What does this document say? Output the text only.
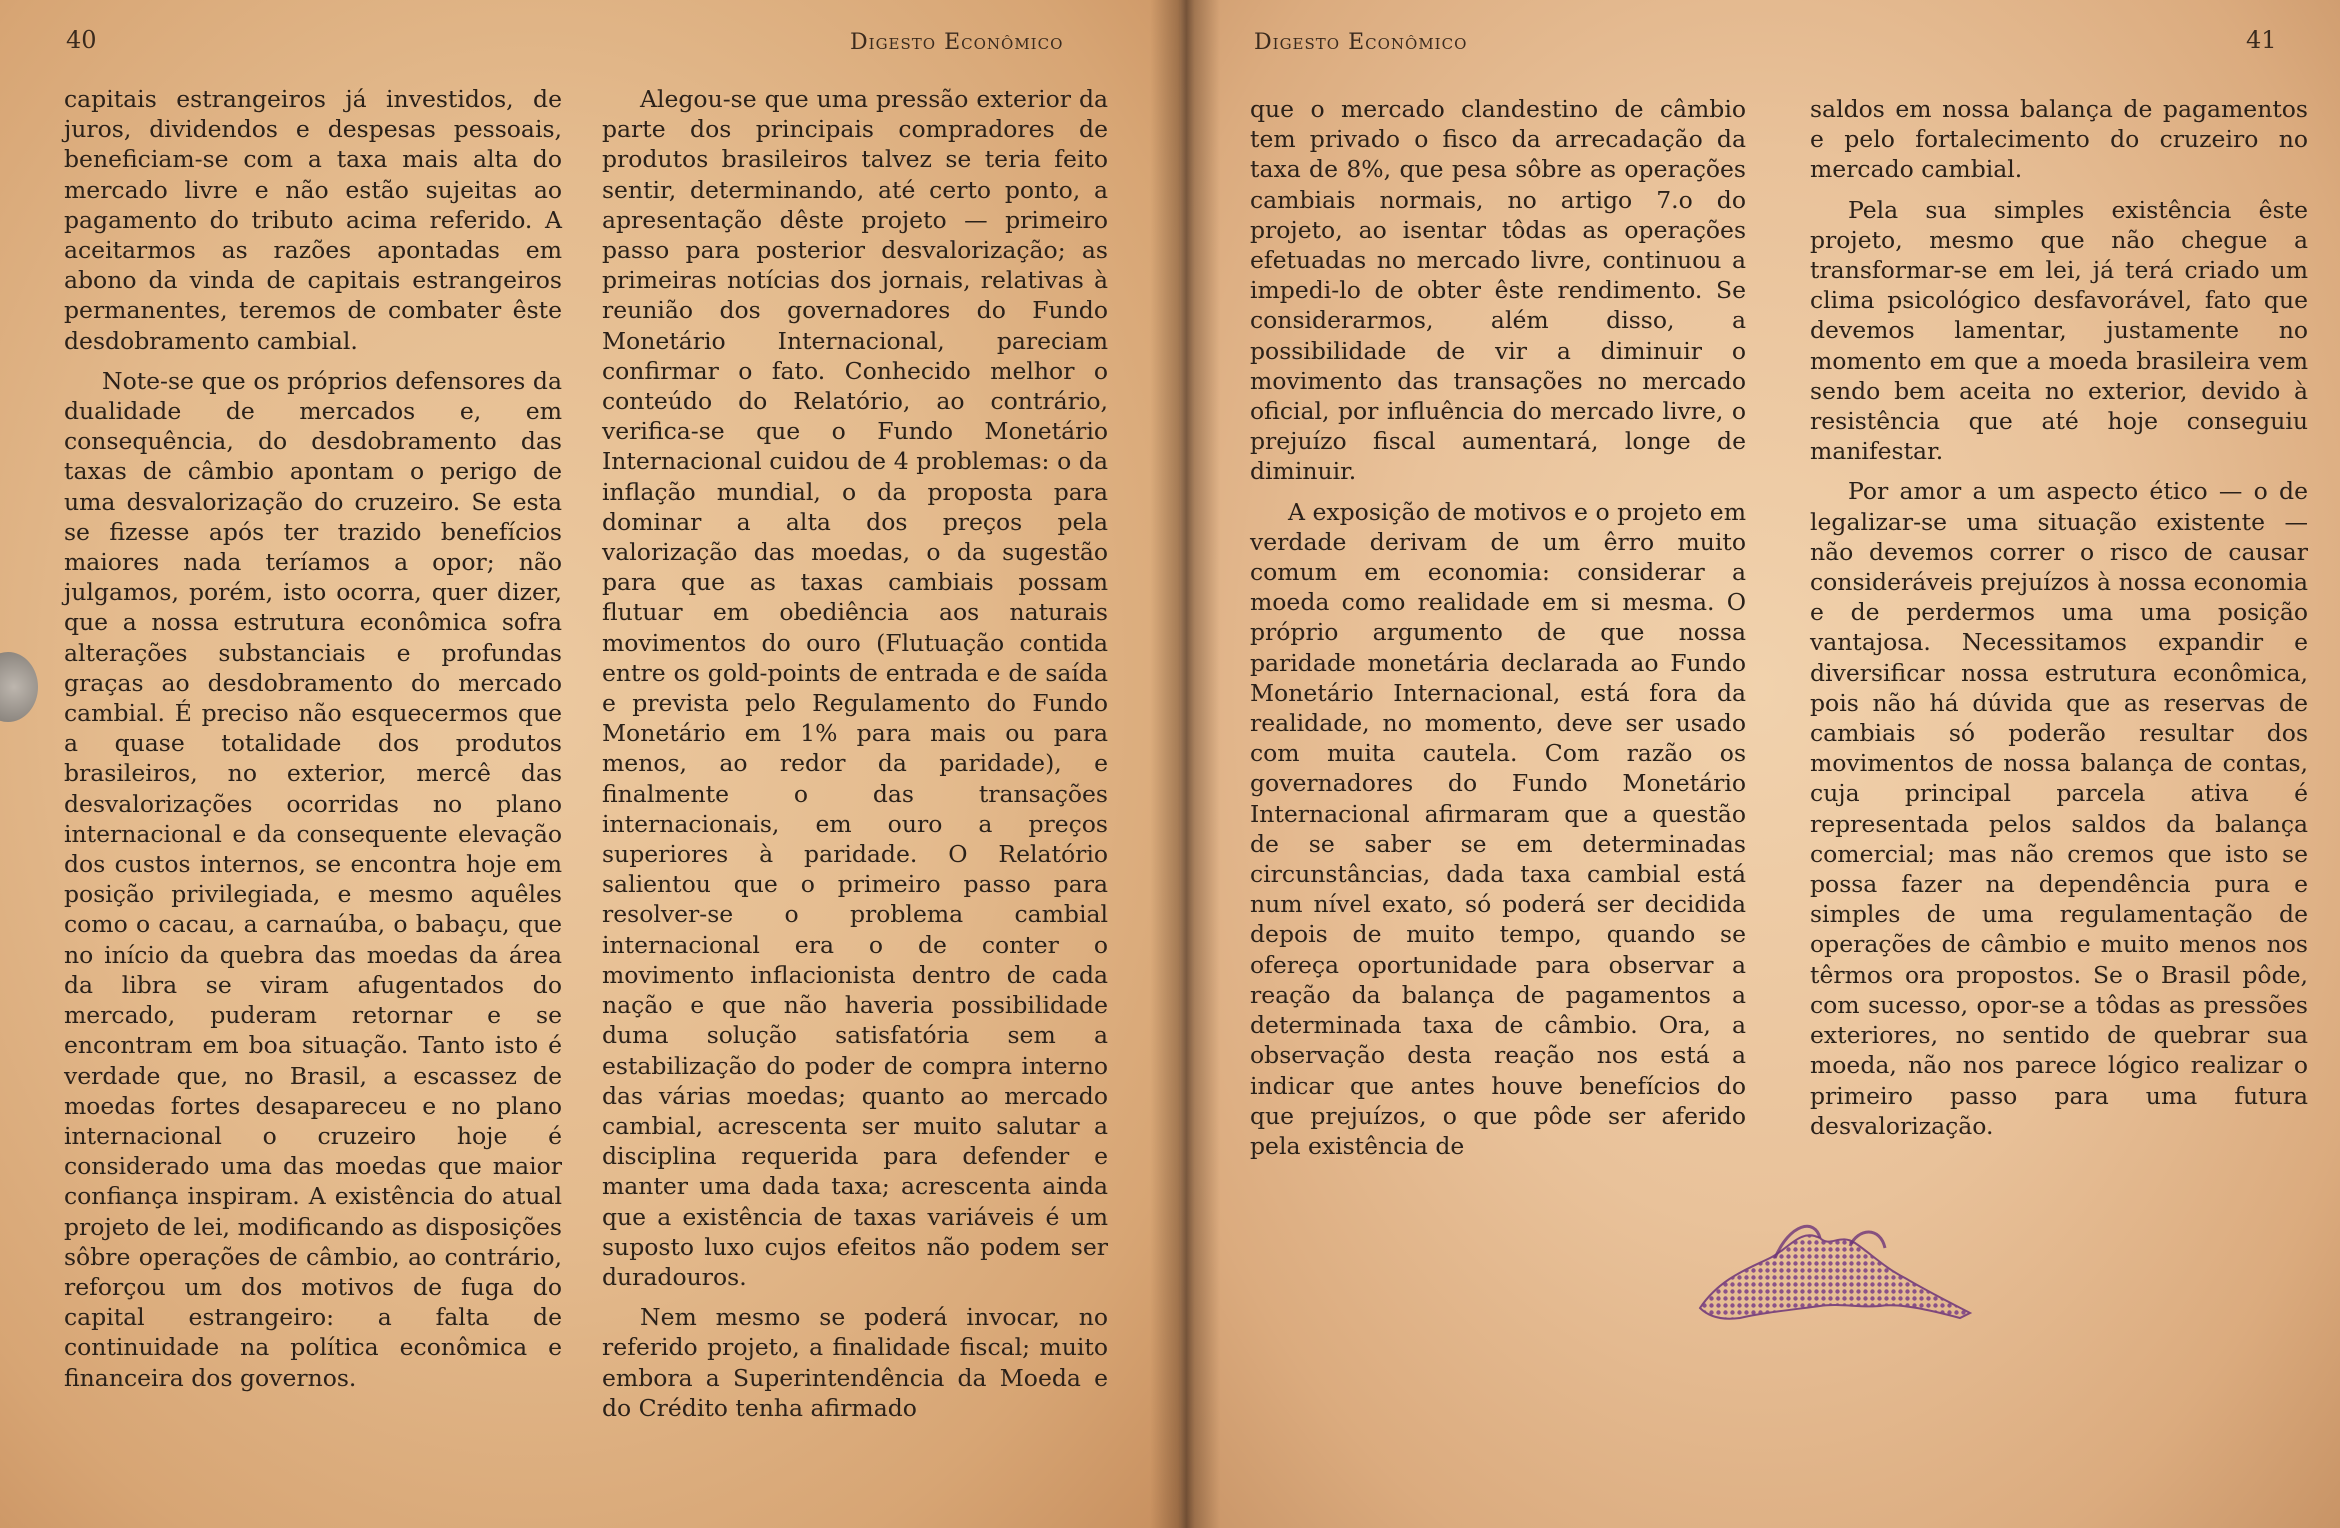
40	Digesto Econômico

capitais estrangeiros já investidos, de juros, dividendos e despesas pessoais, beneficiam-se com a taxa mais alta do mercado livre e não estão sujeitas ao pagamento do tributo acima referido. A aceitarmos as razões apontadas em abono da vinda de capitais estrangeiros permanentes, teremos de combater êste desdobramento cambial.

Note-se que os próprios defensores da dualidade de mercados e, em consequência, do desdobramento das taxas de câmbio apontam o perigo de uma desvalorização do cruzeiro. Se esta se fizesse após ter trazido benefícios maiores nada teríamos a opor; não julgamos, porém, isto ocorra, quer dizer, que a nossa estrutura econômica sofra alterações substanciais e profundas graças ao desdobramento do mercado cambial. É preciso não esquecermos que a quase totalidade dos produtos brasileiros, no exterior, mercê das desvalorizações ocorridas no plano internacional e da consequente elevação dos custos internos, se encontra hoje em posição privilegiada, e mesmo aquêles como o cacau, a carnaúba, o babaçu, que no início da quebra das moedas da área da libra se viram afugentados do mercado, puderam retornar e se encontram em boa situação. Tanto isto é verdade que, no Brasil, a escassez de moedas fortes desapareceu e no plano internacional o cruzeiro hoje é considerado uma das moedas que maior confiança inspiram. A existência do atual projeto de lei, modificando as disposições sôbre operações de câmbio, ao contrário, reforçou um dos motivos de fuga do capital estrangeiro: a falta de continuidade na política econômica e financeira dos governos.

Alegou-se que uma pressão exterior da parte dos principais compradores de produtos brasileiros talvez se teria feito sentir, determinando, até certo ponto, a apresentação dêste projeto — primeiro passo para posterior desvalorização; as primeiras notícias dos jornais, relativas à reunião dos governadores do Fundo Monetário Internacional, pareciam confirmar o fato. Conhecido melhor o conteúdo do Relatório, ao contrário, verifica-se que o Fundo Monetário Internacional cuidou de 4 problemas: o da inflação mundial, o da proposta para dominar a alta dos preços pela valorização das moedas, o da sugestão para que as taxas cambiais possam flutuar em obediência aos naturais movimentos do ouro (Flutuação contida entre os gold-points de entrada e de saída e prevista pelo Regulamento do Fundo Monetário em 1% para mais ou para menos, ao redor da paridade), e finalmente o das transações internacionais, em ouro a preços superiores à paridade. O Relatório salientou que o primeiro passo para resolver-se o problema cambial internacional era o de conter o movimento inflacionista dentro de cada nação e que não haveria possibilidade duma solução satisfatória sem a estabilização do poder de compra interno das várias moedas; quanto ao mercado cambial, acrescenta ser muito salutar a disciplina requerida para defender e manter uma dada taxa; acrescenta ainda que a existência de taxas variáveis é um suposto luxo cujos efeitos não podem ser duradouros.

Nem mesmo se poderá invocar, no referido projeto, a finalidade fiscal; muito embora a Superintendência da Moeda e do Crédito tenha afirmado

Digesto Econômico	41

que o mercado clandestino de câmbio tem privado o fisco da arrecadação da taxa de 8%, que pesa sôbre as operações cambiais normais, no artigo 7.o do projeto, ao isentar tôdas as operações efetuadas no mercado livre, continuou a impedi-lo de obter êste rendimento. Se considerarmos, além disso, a possibilidade de vir a diminuir o movimento das transações no mercado oficial, por influência do mercado livre, o prejuízo fiscal aumentará, longe de diminuir.

A exposição de motivos e o projeto em verdade derivam de um êrro muito comum em economia: considerar a moeda como realidade em si mesma. O próprio argumento de que nossa paridade monetária declarada ao Fundo Monetário Internacional, está fora da realidade, no momento, deve ser usado com muita cautela. Com razão os governadores do Fundo Monetário Internacional afirmaram que a questão de se saber se em determinadas circunstâncias, dada taxa cambial está num nível exato, só poderá ser decidida depois de muito tempo, quando se ofereça oportunidade para observar a reação da balança de pagamentos a determinada taxa de câmbio. Ora, a observação desta reação nos está a indicar que antes houve benefícios do que prejuízos, o que pôde ser aferido pela existência de

saldos em nossa balança de pagamentos e pelo fortalecimento do cruzeiro no mercado cambial.

Pela sua simples existência êste projeto, mesmo que não chegue a transformar-se em lei, já terá criado um clima psicológico desfavorável, fato que devemos lamentar, justamente no momento em que a moeda brasileira vem sendo bem aceita no exterior, devido à resistência que até hoje conseguiu manifestar.

Por amor a um aspecto ético — o de legalizar-se uma situação existente — não devemos correr o risco de causar consideráveis prejuízos à nossa economia e de perdermos uma uma posição vantajosa. Necessitamos expandir e diversificar nossa estrutura econômica, pois não há dúvida que as reservas de cambiais só poderão resultar dos movimentos de nossa balança de contas, cuja principal parcela ativa é representada pelos saldos da balança comercial; mas não cremos que isto se possa fazer na dependência pura e simples de uma regulamentação de operações de câmbio e muito menos nos têrmos ora propostos. Se o Brasil pôde, com sucesso, opor-se a tôdas as pressões exteriores, no sentido de quebrar sua moeda, não nos parece lógico realizar o primeiro passo para uma futura desvalorização.
